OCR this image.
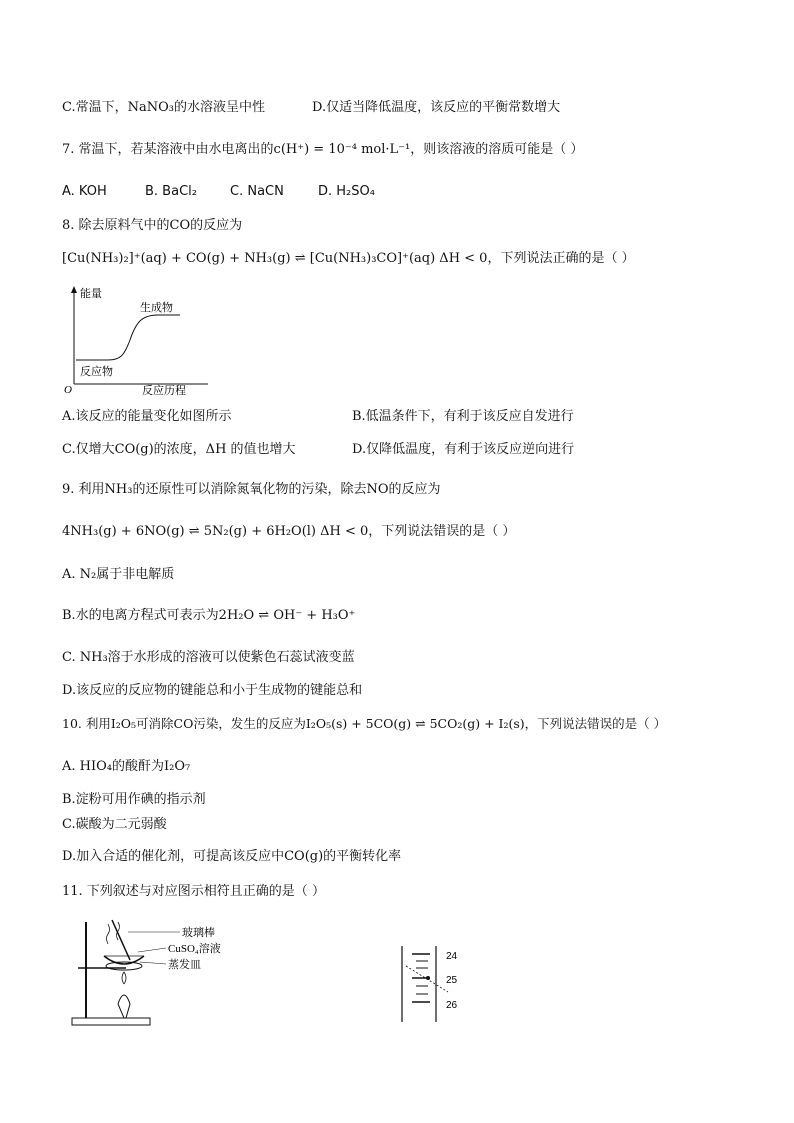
C.常温下，NaNO₃的水溶液呈中性	D.仅适当降低温度，该反应的平衡常数增大
7. 常温下，若某溶液中由水电离出的c(H⁺) = 10⁻⁴ mol·L⁻¹，则该溶液的溶质可能是（ ）
A. KOH	B. BaCl₂	C. NaCN	D. H₂SO₄
8. 除去原料气中的CO的反应为
[Cu(NH₃)₂]⁺(aq) + CO(g) + NH₃(g) ⇌ [Cu(NH₃)₃CO]⁺(aq) ΔH < 0，下列说法正确的是（ ）
能量
生成物
反应物
O	反应历程
A.该反应的能量变化如图所示	B.低温条件下，有利于该反应自发进行
C.仅增大CO(g)的浓度，ΔH 的值也增大	D.仅降低温度，有利于该反应逆向进行
9. 利用NH₃的还原性可以消除氮氧化物的污染，除去NO的反应为
4NH₃(g) + 6NO(g) ⇌ 5N₂(g) + 6H₂O(l) ΔH < 0，下列说法错误的是（ ）
A. N₂属于非电解质
B.水的电离方程式可表示为2H₂O ⇌ OH⁻ + H₃O⁺
C. NH₃溶于水形成的溶液可以使紫色石蕊试液变蓝
D.该反应的反应物的键能总和小于生成物的键能总和
10. 利用I₂O₅可消除CO污染，发生的反应为I₂O₅(s) + 5CO(g) ⇌ 5CO₂(g) + I₂(s)，下列说法错误的是（ ）
A. HIO₄的酸酐为I₂O₇
B.淀粉可用作碘的指示剂
C.碳酸为二元弱酸
D.加入合适的催化剂，可提高该反应中CO(g)的平衡转化率
11. 下列叙述与对应图示相符且正确的是（ ）
玻璃棒
CuSO₄溶液
蒸发皿
24
25
26
